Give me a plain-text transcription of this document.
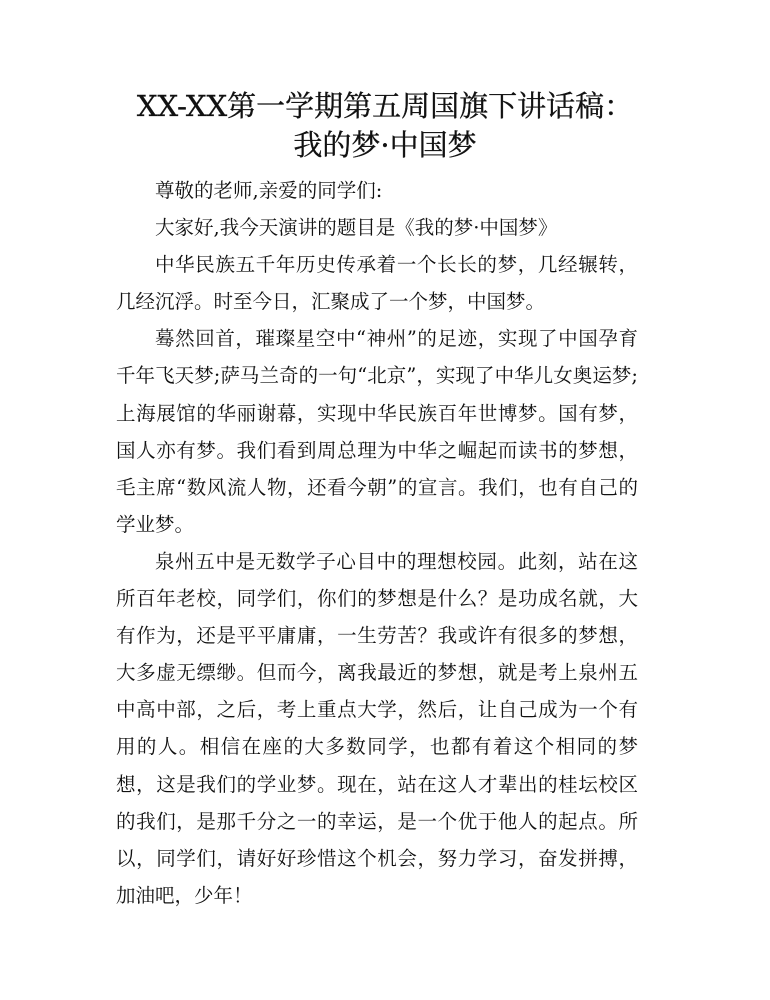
XX-XX第一学期第五周国旗下讲话稿：
我的梦·中国梦

尊敬的老师,亲爱的同学们:

大家好,我今天演讲的题目是《我的梦·中国梦》

中华民族五千年历史传承着一个长长的梦，几经辗转，几经沉浮。时至今日，汇聚成了一个梦，中国梦。

蓦然回首，璀璨星空中“神州”的足迹，实现了中国孕育千年飞天梦;萨马兰奇的一句“北京”，实现了中华儿女奥运梦;上海展馆的华丽谢幕，实现中华民族百年世博梦。国有梦，国人亦有梦。我们看到周总理为中华之崛起而读书的梦想，毛主席“数风流人物，还看今朝”的宣言。我们，也有自己的学业梦。

泉州五中是无数学子心目中的理想校园。此刻，站在这所百年老校，同学们，你们的梦想是什么？是功成名就，大有作为，还是平平庸庸，一生劳苦？我或许有很多的梦想，大多虚无缥缈。但而今，离我最近的梦想，就是考上泉州五中高中部，之后，考上重点大学，然后，让自己成为一个有用的人。相信在座的大多数同学，也都有着这个相同的梦想，这是我们的学业梦。现在，站在这人才辈出的桂坛校区的我们，是那千分之一的幸运，是一个优于他人的起点。所以，同学们，请好好珍惜这个机会，努力学习，奋发拼搏，加油吧，少年！
